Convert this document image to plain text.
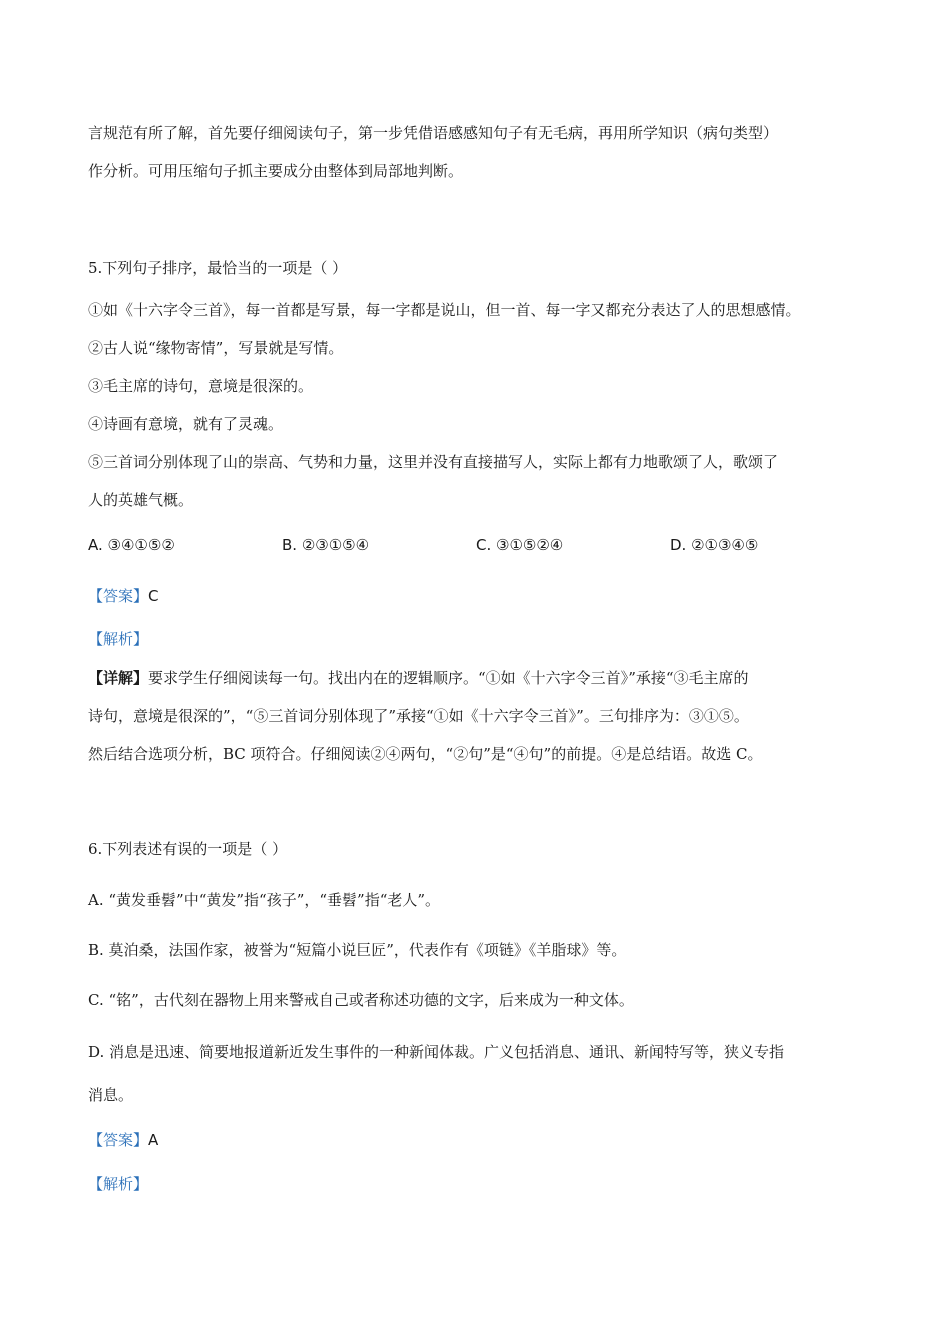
言规范有所了解，首先要仔细阅读句子，第一步凭借语感感知句子有无毛病，再用所学知识（病句类型）
作分析。可用压缩句子抓主要成分由整体到局部地判断。
5.下列句子排序，最恰当的一项是（ ）
①如《十六字令三首》，每一首都是写景，每一字都是说山，但一首、每一字又都充分表达了人的思想感情。
②古人说“缘物寄情”，写景就是写情。
③毛主席的诗句，意境是很深的。
④诗画有意境，就有了灵魂。
⑤三首词分别体现了山的崇高、气势和力量，这里并没有直接描写人，实际上都有力地歌颂了人，歌颂了
人的英雄气概。
A. ③④①⑤②	B. ②③①⑤④	C. ③①⑤②④	D. ②①③④⑤
【答案】C
【解析】
【详解】要求学生仔细阅读每一句。找出内在的逻辑顺序。“①如《十六字令三首》”承接“③毛主席的
诗句，意境是很深的”，“⑤三首词分别体现了”承接“①如《十六字令三首》”。三句排序为：③①⑤。
然后结合选项分析，BC 项符合。仔细阅读②④两句，“②句”是“④句”的前提。④是总结语。故选 C。
6.下列表述有误的一项是（ ）
A. “黄发垂髫”中“黄发”指“孩子”，“垂髫”指“老人”。
B. 莫泊桑，法国作家，被誉为“短篇小说巨匠”，代表作有《项链》《羊脂球》等。
C. “铭”，古代刻在器物上用来警戒自己或者称述功德的文字，后来成为一种文体。
D. 消息是迅速、简要地报道新近发生事件的一种新闻体裁。广义包括消息、通讯、新闻特写等，狭义专指
消息。
【答案】A
【解析】
